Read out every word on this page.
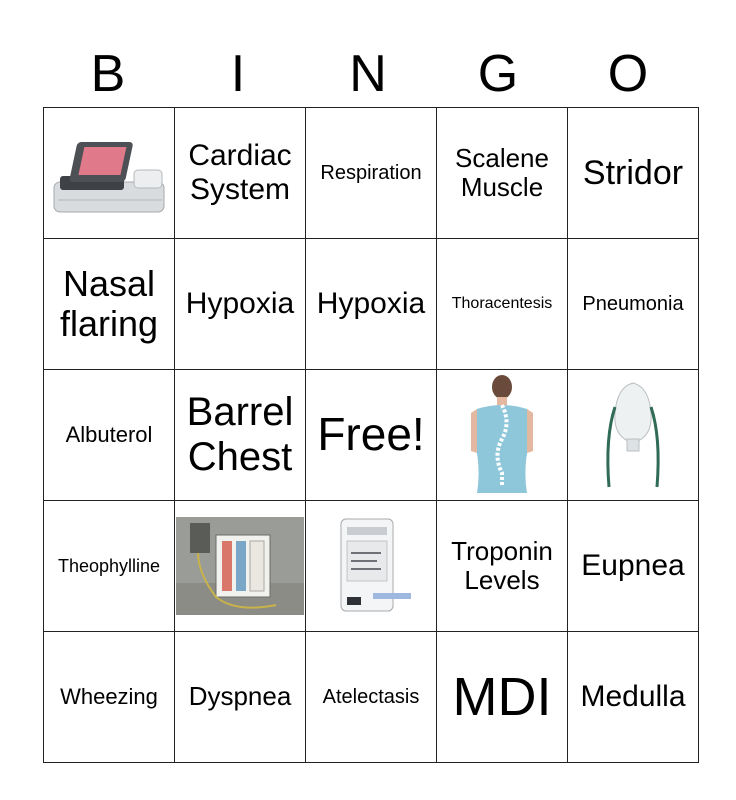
B	I	N	G	O
	Cardiac System	Respiration	Scalene Muscle	Stridor
Nasal flaring	Hypoxia	Hypoxia	Thoracentesis	Pneumonia
Albuterol	Barrel Chest	Free!	

Theophylline			Troponin Levels	Eupnea
Wheezing	Dyspnea	Atelectasis	MDI	Medulla
